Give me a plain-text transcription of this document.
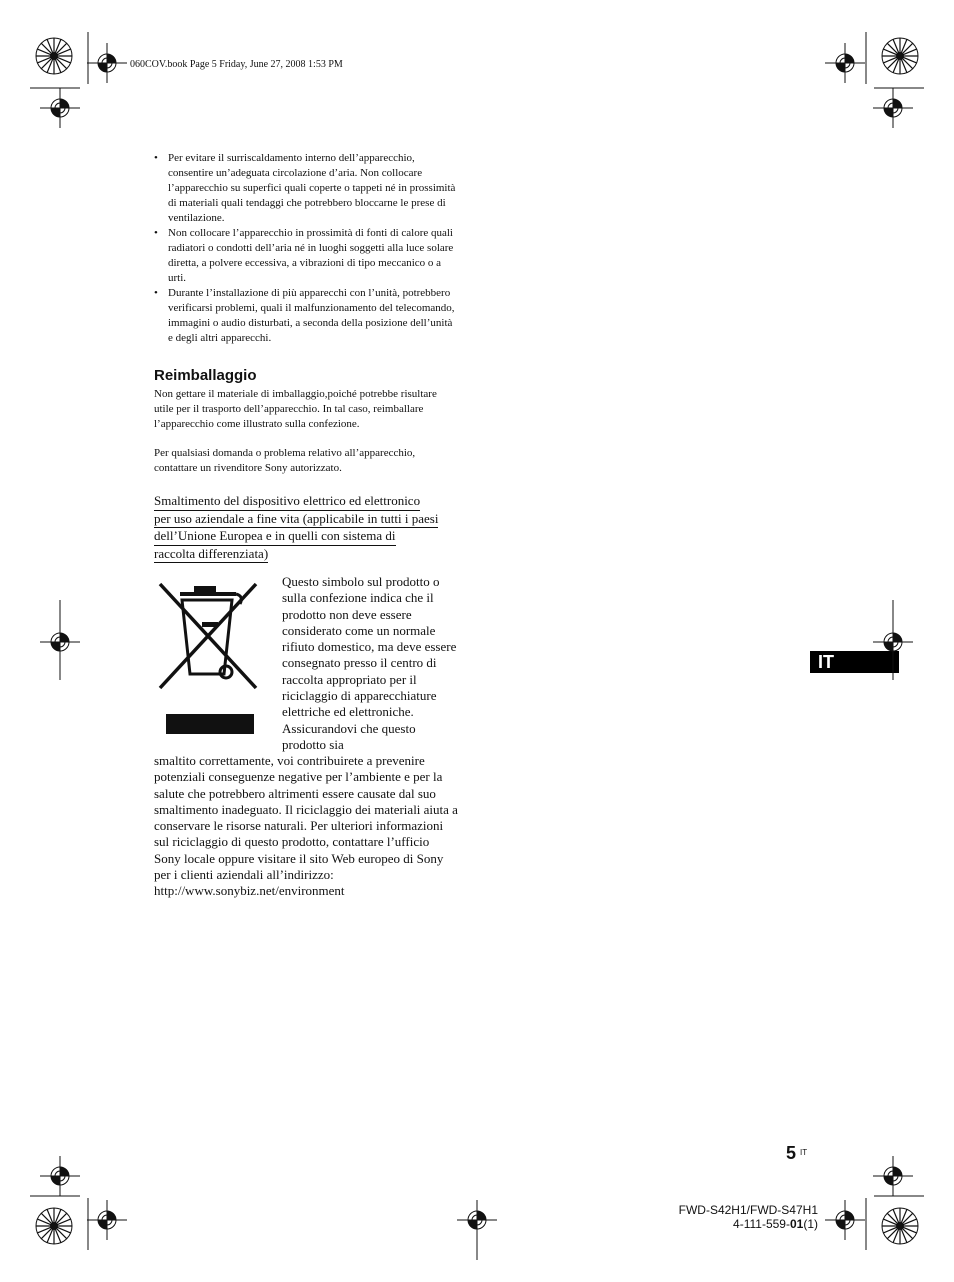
060COV.book Page 5 Friday, June 27, 2008 1:53 PM
• Per evitare il surriscaldamento interno dell’apparecchio, consentire un’adeguata circolazione d’aria. Non collocare l’apparecchio su superfici quali coperte o tappeti né in prossimità di materiali quali tendaggi che potrebbero bloccarne le prese di ventilazione.
• Non collocare l’apparecchio in prossimità di fonti di calore quali radiatori o condotti dell’aria né in luoghi soggetti alla luce solare diretta, a polvere eccessiva, a vibrazioni di tipo meccanico o a urti.
• Durante l’installazione di più apparecchi con l’unità, potrebbero verificarsi problemi, quali il malfunzionamento del telecomando, immagini o audio disturbati, a seconda della posizione dell’unità e degli altri apparecchi.
Reimballaggio
Non gettare il materiale di imballaggio,poiché potrebbe risultare utile per il trasporto dell’apparecchio. In tal caso, reimballare l’apparecchio come illustrato sulla confezione.
Per qualsiasi domanda o problema relativo all’apparecchio, contattare un rivenditore Sony autorizzato.
Smaltimento del dispositivo elettrico ed elettronico
per uso aziendale a fine vita (applicabile in tutti i paesi
dell’Unione Europea e in quelli con sistema di
raccolta differenziata)
Questo simbolo sul prodotto o sulla confezione indica che il prodotto non deve essere considerato come un normale rifiuto domestico, ma deve essere consegnato presso il centro di raccolta appropriato per il riciclaggio di apparecchiature elettriche ed elettroniche. Assicurandovi che questo prodotto sia
smaltito correttamente, voi contribuirete a prevenire potenziali conseguenze negative per l’ambiente e per la salute che potrebbero altrimenti essere causate dal suo smaltimento inadeguato. Il riciclaggio dei materiali aiuta a conservare le risorse naturali. Per ulteriori informazioni sul riciclaggio di questo prodotto, contattare l’ufficio Sony locale oppure visitare il sito Web europeo di Sony per i clienti aziendali all’indirizzo:
http://www.sonybiz.net/environment
IT
5 IT
FWD-S42H1/FWD-S47H1
4-111-559-01(1)
